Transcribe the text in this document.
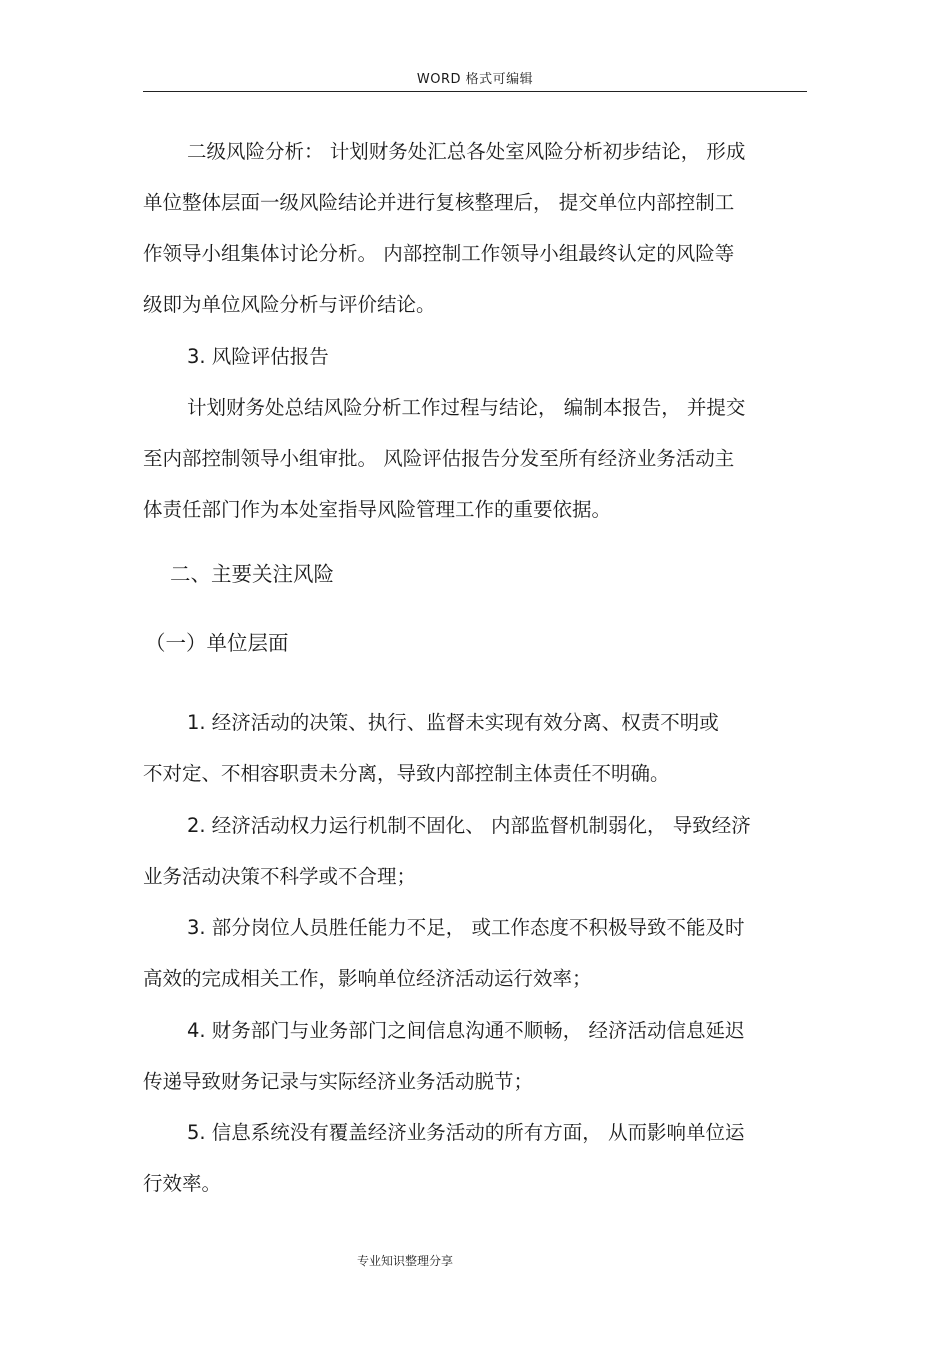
WORD 格式可编辑
二级风险分析： 计划财务处汇总各处室风险分析初步结论， 形成
单位整体层面一级风险结论并进行复核整理后， 提交单位内部控制工
作领导小组集体讨论分析。 内部控制工作领导小组最终认定的风险等
级即为单位风险分析与评价结论。
3. 风险评估报告
计划财务处总结风险分析工作过程与结论， 编制本报告， 并提交
至内部控制领导小组审批。 风险评估报告分发至所有经济业务活动主
体责任部门作为本处室指导风险管理工作的重要依据。
二、主要关注风险
（一）单位层面
1. 经济活动的决策、执行、监督未实现有效分离、权责不明或
不对定、不相容职责未分离，导致内部控制主体责任不明确。
2. 经济活动权力运行机制不固化、 内部监督机制弱化， 导致经济
业务活动决策不科学或不合理；
3. 部分岗位人员胜任能力不足， 或工作态度不积极导致不能及时
高效的完成相关工作，影响单位经济活动运行效率；
4. 财务部门与业务部门之间信息沟通不顺畅， 经济活动信息延迟
传递导致财务记录与实际经济业务活动脱节；
5. 信息系统没有覆盖经济业务活动的所有方面， 从而影响单位运
行效率。
专业知识整理分享
